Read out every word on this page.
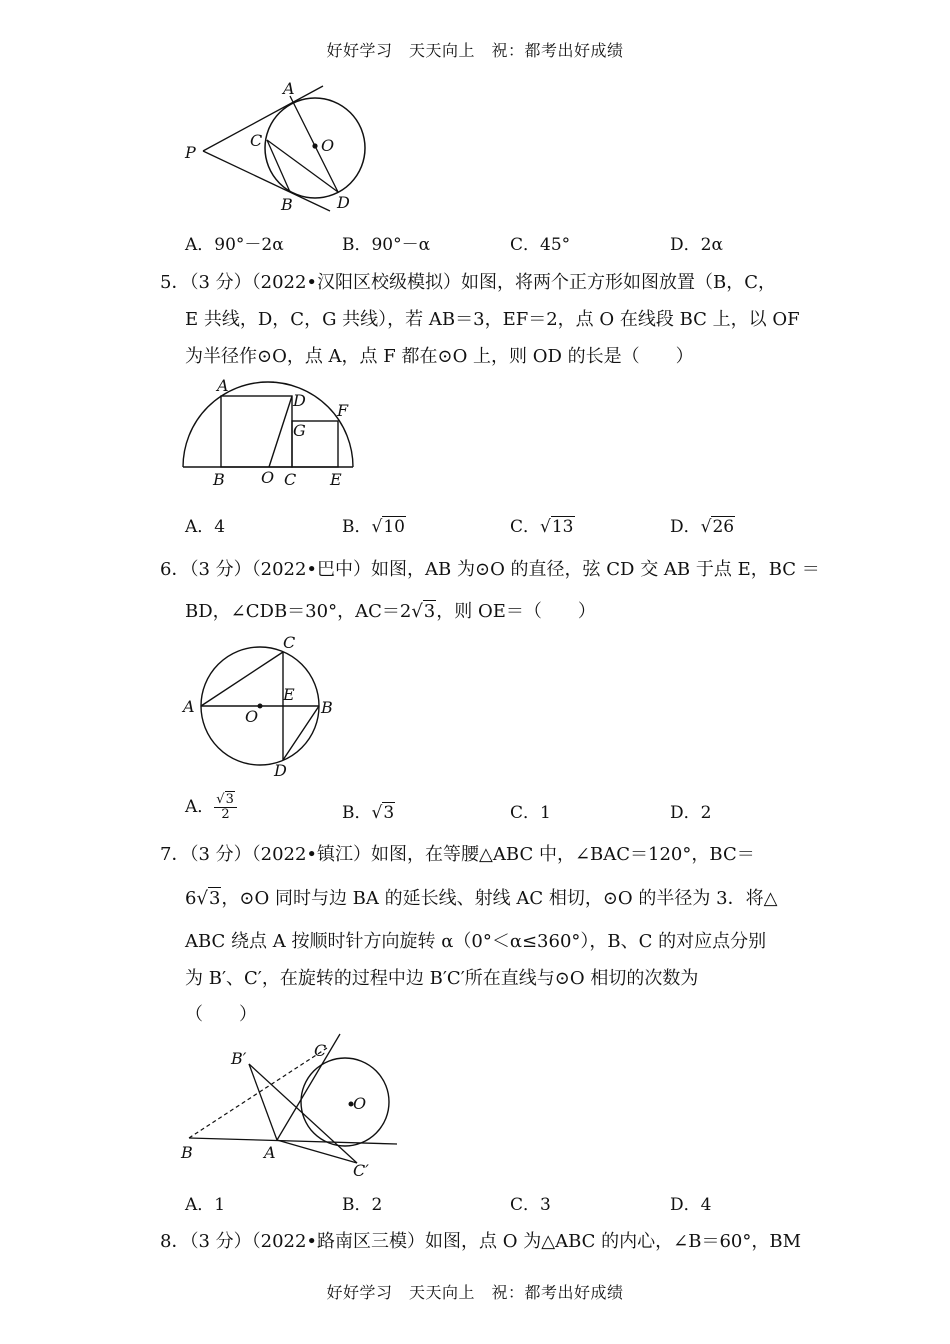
好好学习　天天向上　祝：都考出好成绩
A
P
C	O
B	D
A．90°－2α	B．90°－α	C．45°	D．2α
5．（3 分）（2022•汉阳区校级模拟）如图，将两个正方形如图放置（B，C，
E 共线，D，C，G 共线），若 AB＝3，EF＝2，点 O 在线段 BC 上，以 OF
为半径作⊙O，点 A，点 F 都在⊙O 上，则 OD 的长是（　　）
A
D
F
G
B O C E
A．4	B．√10	C．√13	D．√26
6．（3 分）（2022•巴中）如图，AB 为⊙O 的直径，弦 CD 交 AB 于点 E，BC ＝
BD，∠CDB＝30°，AC＝2√3，则 OE＝（　　）
C
A
O
E
B
D
A． $\frac{√3}{2}$	B．√3	C．1	D．2
7．（3 分）（2022•镇江）如图，在等腰△ABC 中，∠BAC＝120°，BC＝
6√3，⊙O 同时与边 BA 的延长线、射线 AC 相切，⊙O 的半径为 3．将△
ABC 绕点 A 按顺时针方向旋转 α（0°＜α≤360°），B、C 的对应点分别
为 B′、C′，在旋转的过程中边 B′C′所在直线与⊙O 相切的次数为
（　　）
B′	C
O
B	A
C′
A．1	B．2	C．3	D．4
8．（3 分）（2022•路南区三模）如图，点 O 为△ABC 的内心，∠B＝60°，BM
好好学习　天天向上　祝：都考出好成绩
